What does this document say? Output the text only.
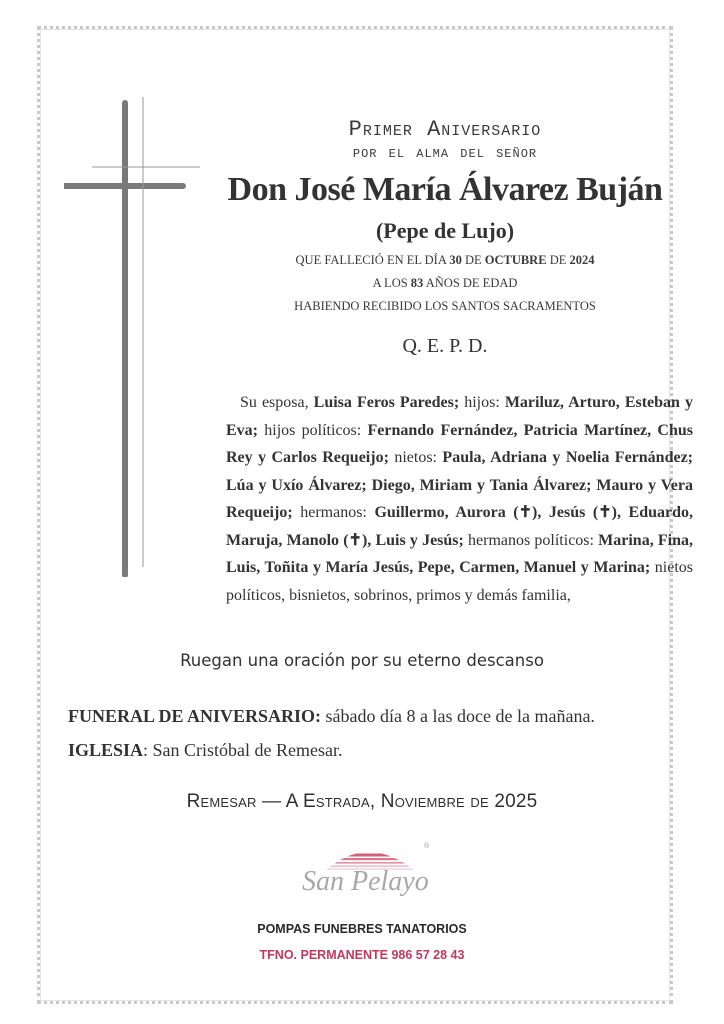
Primer Aniversario
por el alma del señor
Don José María Álvarez Buján
(Pepe de Lujo)
QUE FALLECIÓ EN EL DÍA 30 DE OCTUBRE DE 2024
A LOS 83 AÑOS DE EDAD
HABIENDO RECIBIDO LOS SANTOS SACRAMENTOS
Q. E. P. D.
Su esposa, Luisa Feros Paredes; hijos: Mariluz, Arturo, Esteban y Eva; hijos políticos: Fernando Fernández, Patricia Martínez, Chus Rey y Carlos Requeijo; nietos: Paula, Adriana y Noelia Fernández; Lúa y Uxío Álvarez; Diego, Miriam y Tania Álvarez; Mauro y Vera Requeijo; hermanos: Guillermo, Aurora (✝), Jesús (✝), Eduardo, Maruja, Manolo (✝), Luis y Jesús; hermanos políticos: Marina, Fina, Luis, Toñita y María Jesús, Pepe, Carmen, Manuel y Marina; nietos políticos, bisnietos, sobrinos, primos y demás familia,
Ruegan una oración por su eterno descanso
FUNERAL DE ANIVERSARIO: sábado día 8 a las doce de la mañana.
IGLESIA: San Cristóbal de Remesar.
Remesar — A Estrada, Noviembre de 2025
®
San Pelayo
POMPAS FUNEBRES TANATORIOS
TFNO. PERMANENTE 986 57 28 43
